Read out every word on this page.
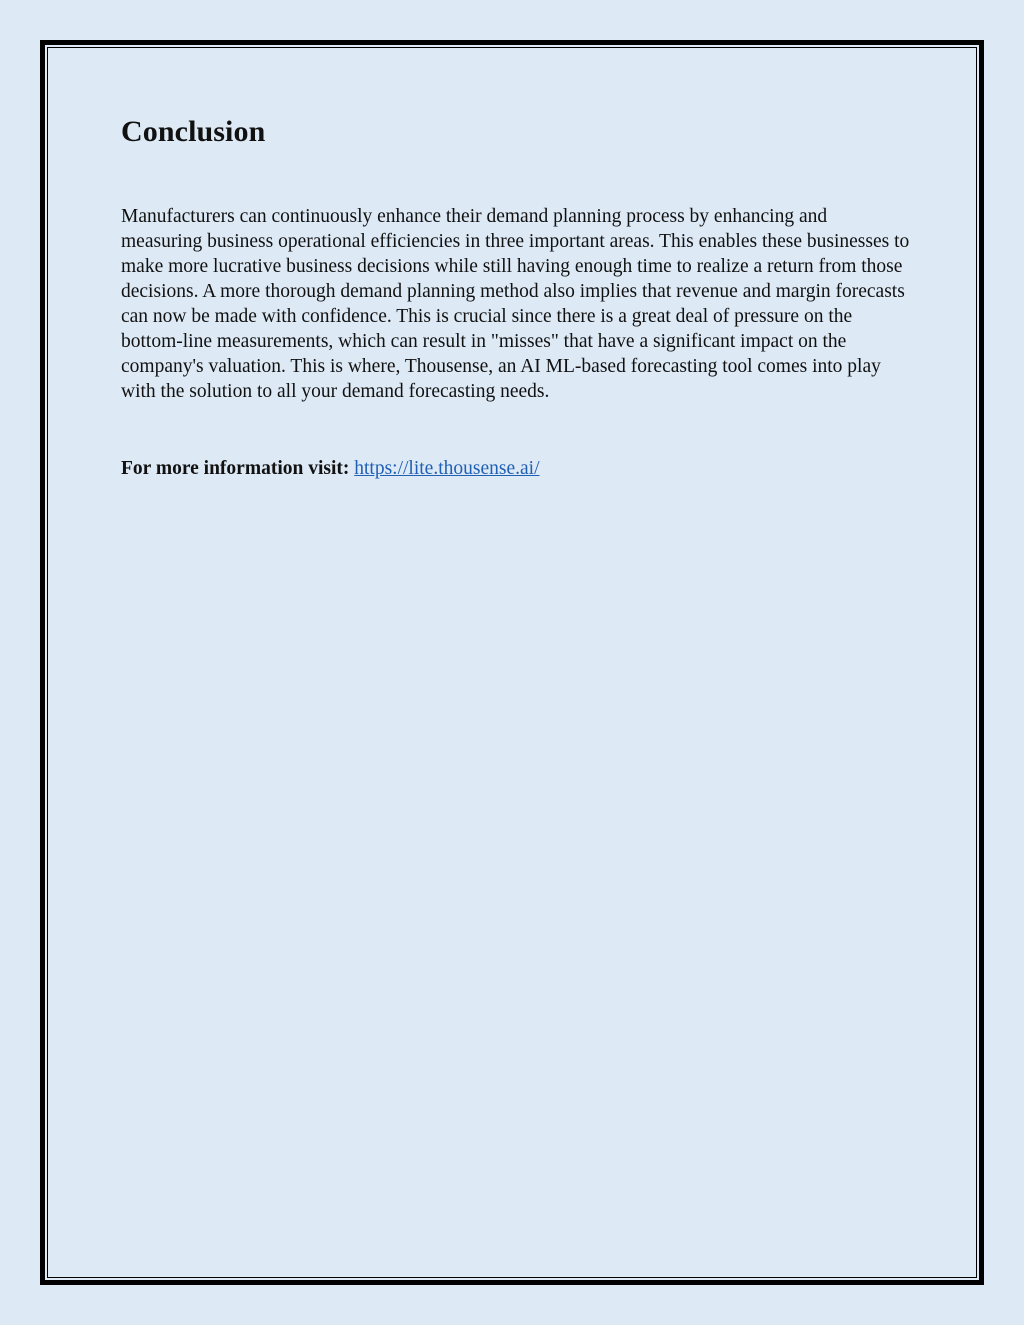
Conclusion

Manufacturers can continuously enhance their demand planning process by enhancing and measuring business operational efficiencies in three important areas. This enables these businesses to make more lucrative business decisions while still having enough time to realize a return from those decisions. A more thorough demand planning method also implies that revenue and margin forecasts can now be made with confidence. This is crucial since there is a great deal of pressure on the bottom-line measurements, which can result in "misses" that have a significant impact on the company's valuation. This is where, Thousense, an AI ML-based forecasting tool comes into play with the solution to all your demand forecasting needs.

For more information visit: https://lite.thousense.ai/
